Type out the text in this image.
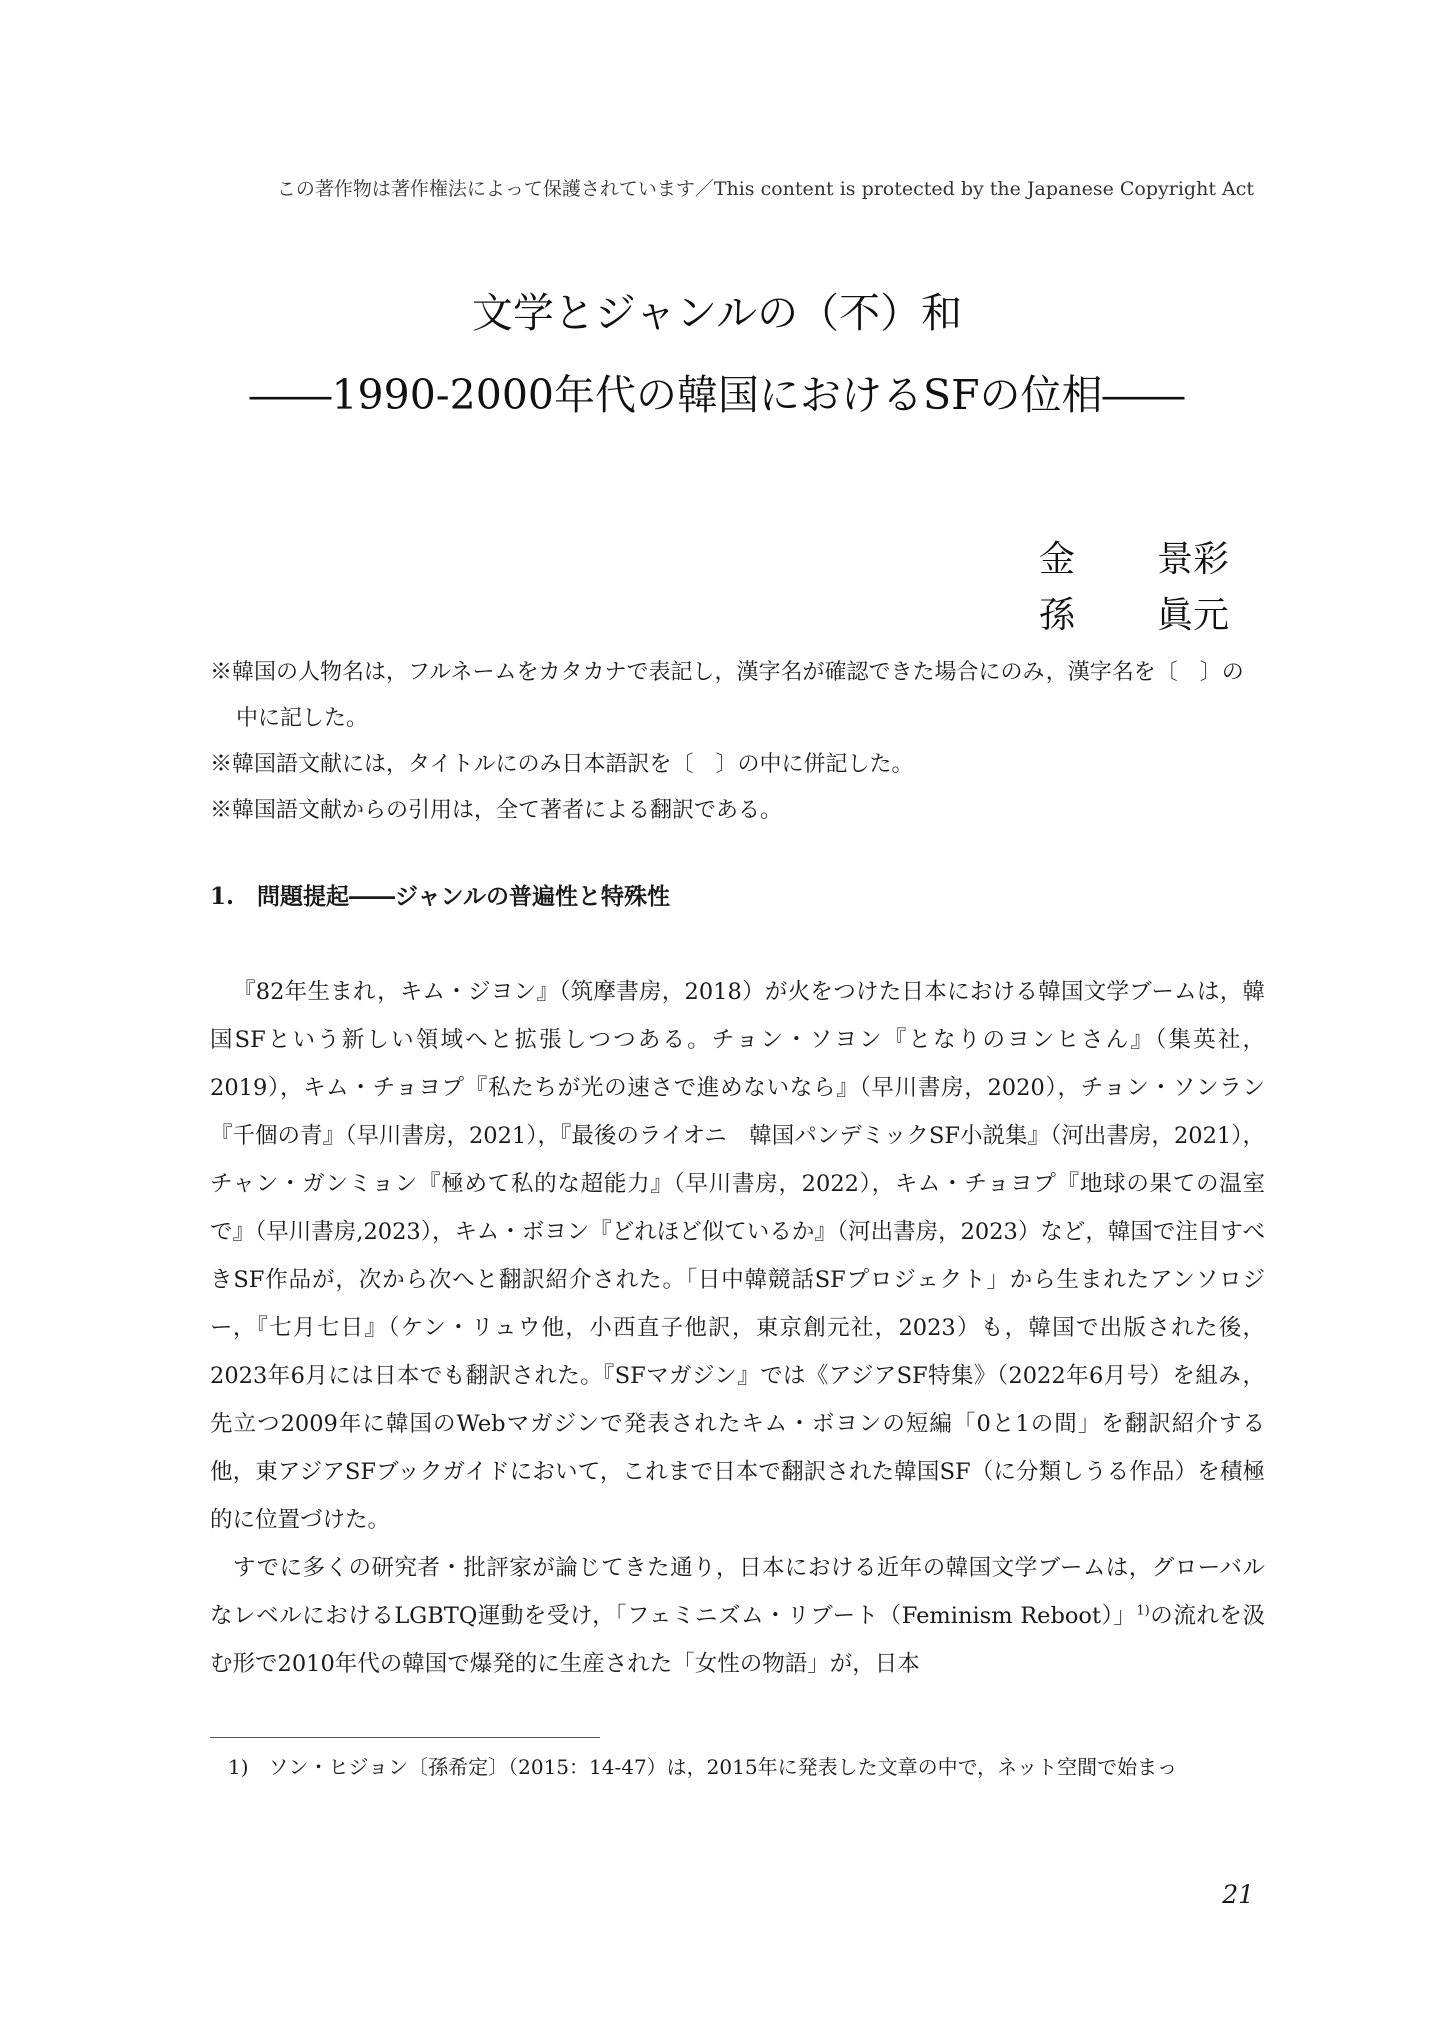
この著作物は著作権法によって保護されています／This content is protected by the Japanese Copyright Act
文学とジャンルの（不）和
――1990-2000年代の韓国におけるSFの位相――
金 景彩
孫 眞元
※韓国の人物名は，フルネームをカタカナで表記し，漢字名が確認できた場合にのみ，漢字名を〔　〕の中に記した。
※韓国語文献には，タイトルにのみ日本語訳を〔　〕の中に併記した。
※韓国語文献からの引用は，全て著者による翻訳である。
1.　問題提起――ジャンルの普遍性と特殊性

『82年生まれ，キム・ジヨン』（筑摩書房，2018）が火をつけた日本における韓国文学ブームは，韓国SFという新しい領域へと拡張しつつある。チョン・ソヨン『となりのヨンヒさん』（集英社，2019），キム・チョヨプ『私たちが光の速さで進めないなら』（早川書房，2020），チョン・ソンラン『千個の青』（早川書房，2021），『最後のライオニ　韓国パンデミックSF小説集』（河出書房，2021），チャン・ガンミョン『極めて私的な超能力』（早川書房，2022），キム・チョヨプ『地球の果ての温室で』（早川書房,2023），キム・ボヨン『どれほど似ているか』（河出書房，2023）など，韓国で注目すべきSF作品が，次から次へと翻訳紹介された。「日中韓競話SFプロジェクト」から生まれたアンソロジー，『七月七日』（ケン・リュウ他，小西直子他訳，東京創元社，2023）も，韓国で出版された後，2023年6月には日本でも翻訳された。『SFマガジン』では《アジアSF特集》（2022年6月号）を組み，先立つ2009年に韓国のWebマガジンで発表されたキム・ボヨンの短編「0と1の間」を翻訳紹介する他，東アジアSFブックガイドにおいて，これまで日本で翻訳された韓国SF（に分類しうる作品）を積極的に位置づけた。

すでに多くの研究者・批評家が論じてきた通り，日本における近年の韓国文学ブームは，グローバルなレベルにおけるLGBTQ運動を受け，「フェミニズム・リブート（Feminism Reboot）」$^{1)}$の流れを汲む形で2010年代の韓国で爆発的に生産された「女性の物語」が，日本

1)　ソン・ヒジョン〔孫希定〕（2015：14-47）は，2015年に発表した文章の中で，ネット空間で始まっ
21
